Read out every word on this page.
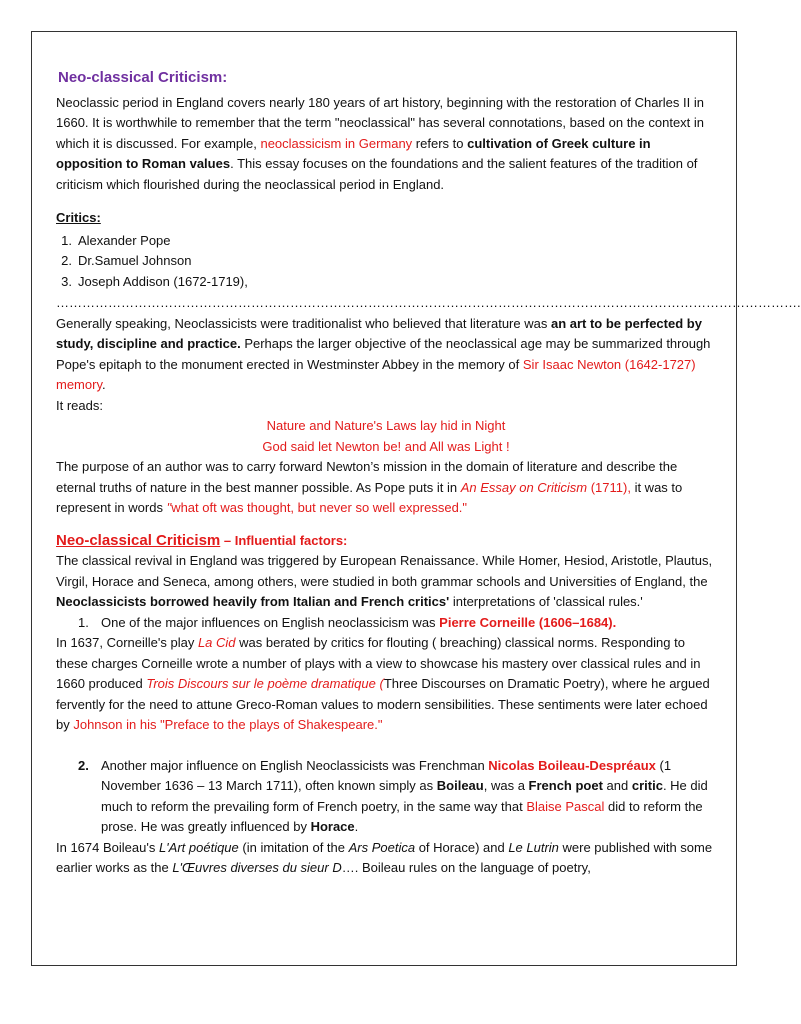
Neo-classical Criticism:

Neoclassic period in England covers nearly 180 years of art history, beginning with the restoration of Charles II in 1660. It is worthwhile to remember that the term "neoclassical" has several connotations, based on the context in which it is discussed. For example, neoclassicism in Germany refers to cultivation of Greek culture in opposition to Roman values. This essay focuses on the foundations and the salient features of the tradition of criticism which flourished during the neoclassical period in England.

Critics:
1. Alexander Pope
2. Dr.Samuel Johnson
3. Joseph Addison (1672-1719),
……………………………………………………………………………………………………………………………………………………….

Generally speaking, Neoclassicists were traditionalist who believed that literature was an art to be perfected by study, discipline and practice. Perhaps the larger objective of the neoclassical age may be summarized through Pope's epitaph to the monument erected in Westminster Abbey in the memory of Sir Isaac Newton (1642-1727) memory.

It reads:

Nature and Nature's Laws lay hid in Night

God said let Newton be! and All was Light !

The purpose of an author was to carry forward Newton’s mission in the domain of literature and describe the eternal truths of nature in the best manner possible. As Pope puts it in An Essay on Criticism (1711), it was to represent in words "what oft was thought, but never so well expressed."

Neo-classical Criticism – Influential factors:

The classical revival in England was triggered by European Renaissance. While Homer, Hesiod, Aristotle, Plautus, Virgil, Horace and Seneca, among others, were studied in both grammar schools and Universities of England, the Neoclassicists borrowed heavily from Italian and French critics' interpretations of 'classical rules.'

1. One of the major influences on English neoclassicism was Pierre Corneille (1606–1684).

In 1637, Corneille's play La Cid was berated by critics for flouting ( breaching) classical norms. Responding to these charges Corneille wrote a number of plays with a view to showcase his mastery over classical rules and in 1660 produced Trois Discours sur le poème dramatique (Three Discourses on Dramatic Poetry), where he argued fervently for the need to attune Greco-Roman values to modern sensibilities. These sentiments were later echoed by Johnson in his "Preface to the plays of Shakespeare."

2. Another major influence on English Neoclassicists was Frenchman Nicolas Boileau-Despréaux (1 November 1636 – 13 March 1711), often known simply as Boileau, was a French poet and critic. He did much to reform the prevailing form of French poetry, in the same way that Blaise Pascal did to reform the prose. He was greatly influenced by Horace.

In 1674 Boileau's L'Art poétique (in imitation of the Ars Poetica of Horace) and Le Lutrin were published with some earlier works as the L'Œuvres diverses du sieur D…. Boileau rules on the language of poetry,
